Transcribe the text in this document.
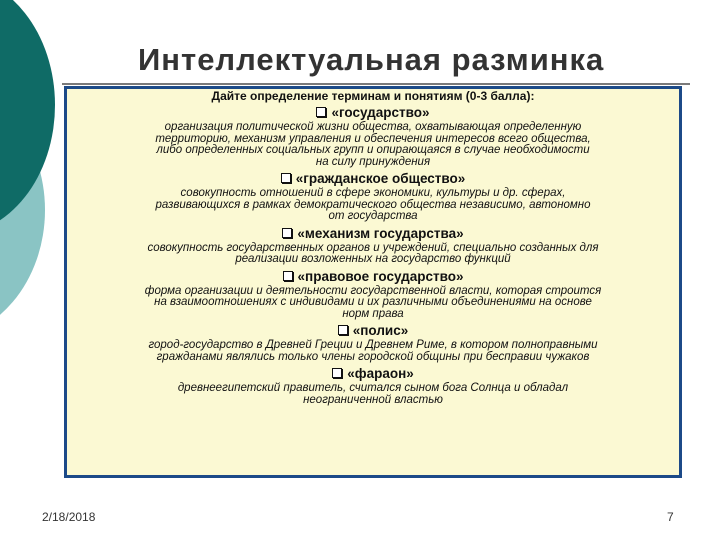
Интеллектуальная разминка
Дайте определение терминам и понятиям (0-3 балла):
«государство»
организация политической жизни общества, охватывающая определенную
территорию, механизм управления и обеспечения интересов всего общества,
либо определенных социальных групп и опирающаяся в случае необходимости
на силу принуждения
«гражданское общество»
совокупность отношений в сфере экономики, культуры и др. сферах,
развивающихся в рамках демократического общества независимо, автономно
от государства
«механизм государства»
совокупность государственных органов и учреждений, специально созданных для
реализации возложенных на государство функций
«правовое государство»
форма организации и деятельности государственной власти, которая строится
на взаимоотношениях с индивидами и их различными объединениями на основе
норм права
«полис»
город-государство в Древней Греции и Древнем Риме, в котором полноправными
гражданами являлись только члены городской общины при бесправии чужаков
«фараон»
древнеегипетский правитель, считался сыном бога Солнца и обладал
неограниченной властью
2/18/2018	7
